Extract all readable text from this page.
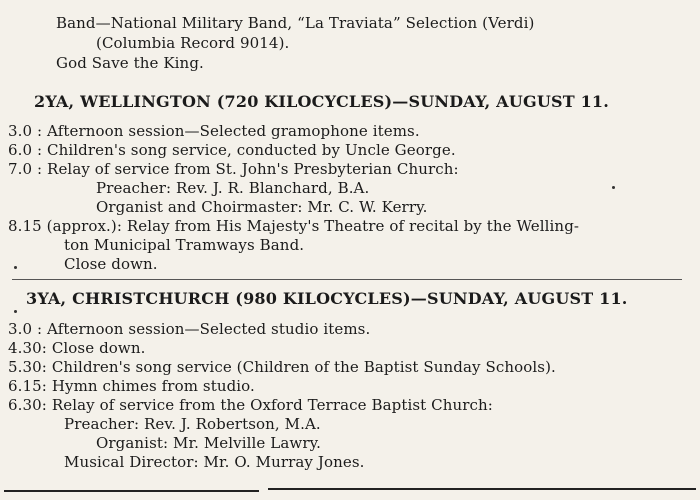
Band—National Military Band, “La Traviata” Selection (Verdi)
(Columbia Record 9014).
God Save the King.
2YA, WELLINGTON (720 KILOCYCLES)—SUNDAY, AUGUST 11.
3.0 : Afternoon session—Selected gramophone items.
6.0 : Children's song service, conducted by Uncle George.
7.0 : Relay of service from St. John's Presbyterian Church:
Preacher: Rev. J. R. Blanchard, B.A.
Organist and Choirmaster: Mr. C. W. Kerry.
8.15 (approx.): Relay from His Majesty's Theatre of recital by the Welling-
ton Municipal Tramways Band.
Close down.
3YA, CHRISTCHURCH (980 KILOCYCLES)—SUNDAY, AUGUST 11.
3.0 : Afternoon session—Selected studio items.
4.30: Close down.
5.30: Children's song service (Children of the Baptist Sunday Schools).
6.15: Hymn chimes from studio.
6.30: Relay of service from the Oxford Terrace Baptist Church:
Preacher: Rev. J. Robertson, M.A.
Organist: Mr. Melville Lawry.
Musical Director: Mr. O. Murray Jones.
